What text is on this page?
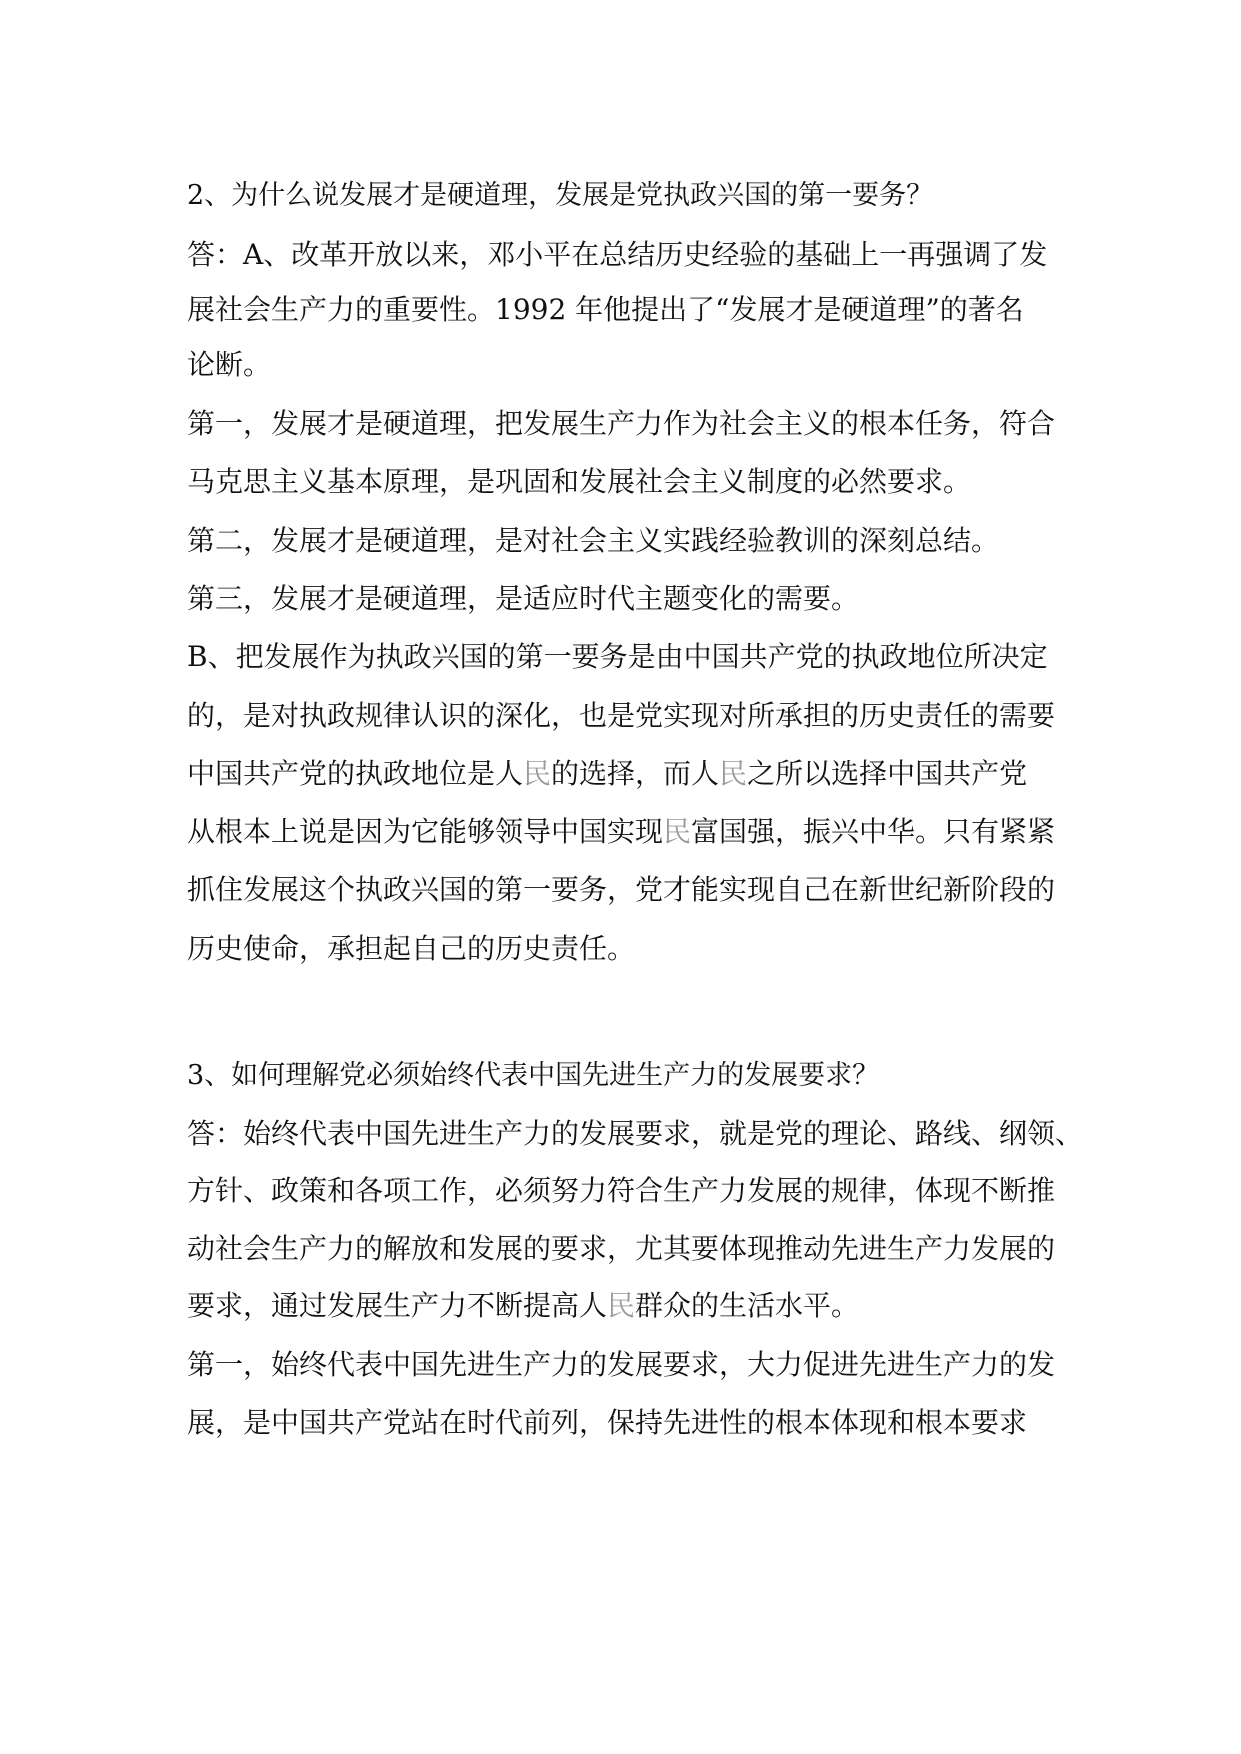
2、为什么说发展才是硬道理，发展是党执政兴国的第一要务？
答：A、改革开放以来，邓小平在总结历史经验的基础上一再强调了发
展社会生产力的重要性。1992 年他提出了“发展才是硬道理”的著名
论断。
第一，发展才是硬道理，把发展生产力作为社会主义的根本任务，符合
马克思主义基本原理，是巩固和发展社会主义制度的必然要求。
第二，发展才是硬道理，是对社会主义实践经验教训的深刻总结。
第三，发展才是硬道理，是适应时代主题变化的需要。
B、把发展作为执政兴国的第一要务是由中国共产党的执政地位所决定
的，是对执政规律认识的深化，也是党实现对所承担的历史责任的需要
中国共产党的执政地位是人民的选择，而人民之所以选择中国共产党
从根本上说是因为它能够领导中国实现民富国强，振兴中华。只有紧紧
抓住发展这个执政兴国的第一要务，党才能实现自己在新世纪新阶段的
历史使命，承担起自己的历史责任。
3、如何理解党必须始终代表中国先进生产力的发展要求？
答：始终代表中国先进生产力的发展要求，就是党的理论、路线、纲领、
方针、政策和各项工作，必须努力符合生产力发展的规律，体现不断推
动社会生产力的解放和发展的要求，尤其要体现推动先进生产力发展的
要求，通过发展生产力不断提高人民群众的生活水平。
第一，始终代表中国先进生产力的发展要求，大力促进先进生产力的发
展，是中国共产党站在时代前列，保持先进性的根本体现和根本要求
